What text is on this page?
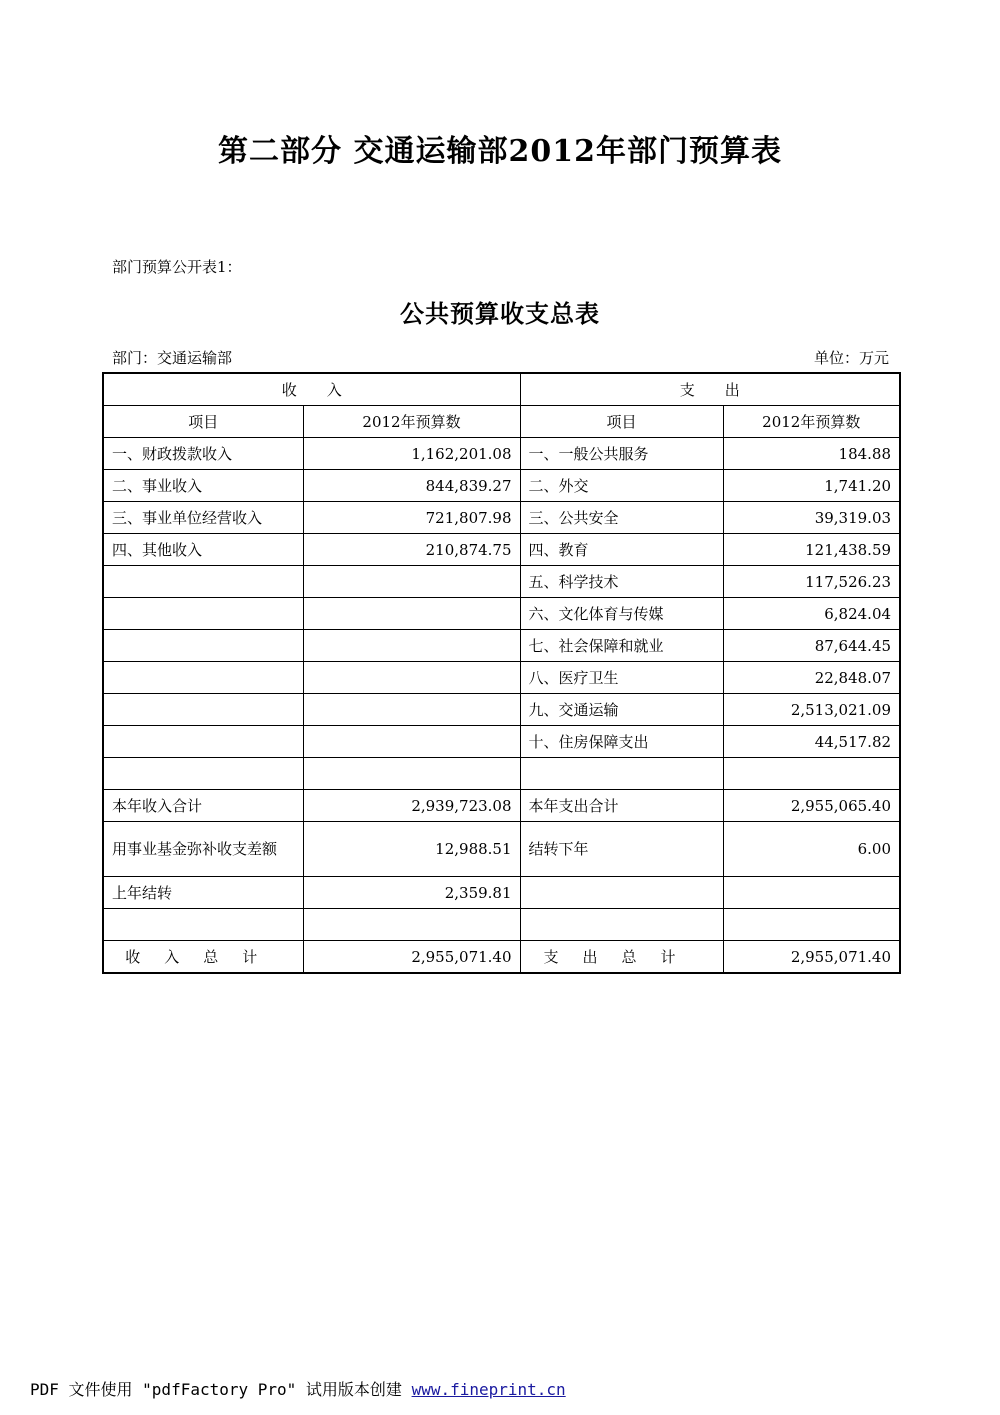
第二部分 交通运输部2012年部门预算表
部门预算公开表1：
公共预算收支总表
部门：交通运输部	单位：万元
收　　入		支　　出	
项目	2012年预算数	项目	2012年预算数
一、财政拨款收入	1,162,201.08	一、一般公共服务	184.88
二、事业收入	844,839.27	二、外交	1,741.20
三、事业单位经营收入	721,807.98	三、公共安全	39,319.03
四、其他收入	210,874.75	四、教育	121,438.59
		五、科学技术	117,526.23
		六、文化体育与传媒	6,824.04
		七、社会保障和就业	87,644.45
		八、医疗卫生	22,848.07
		九、交通运输	2,513,021.09
		十、住房保障支出	44,517.82

本年收入合计	2,939,723.08	本年支出合计	2,955,065.40
用事业基金弥补收支差额	12,988.51	结转下年	6.00
上年结转	2,359.81		

收入总计	2,955,071.40	支出总计	2,955,071.40
PDF 文件使用 "pdfFactory Pro" 试用版本创建 www.fineprint.cn
